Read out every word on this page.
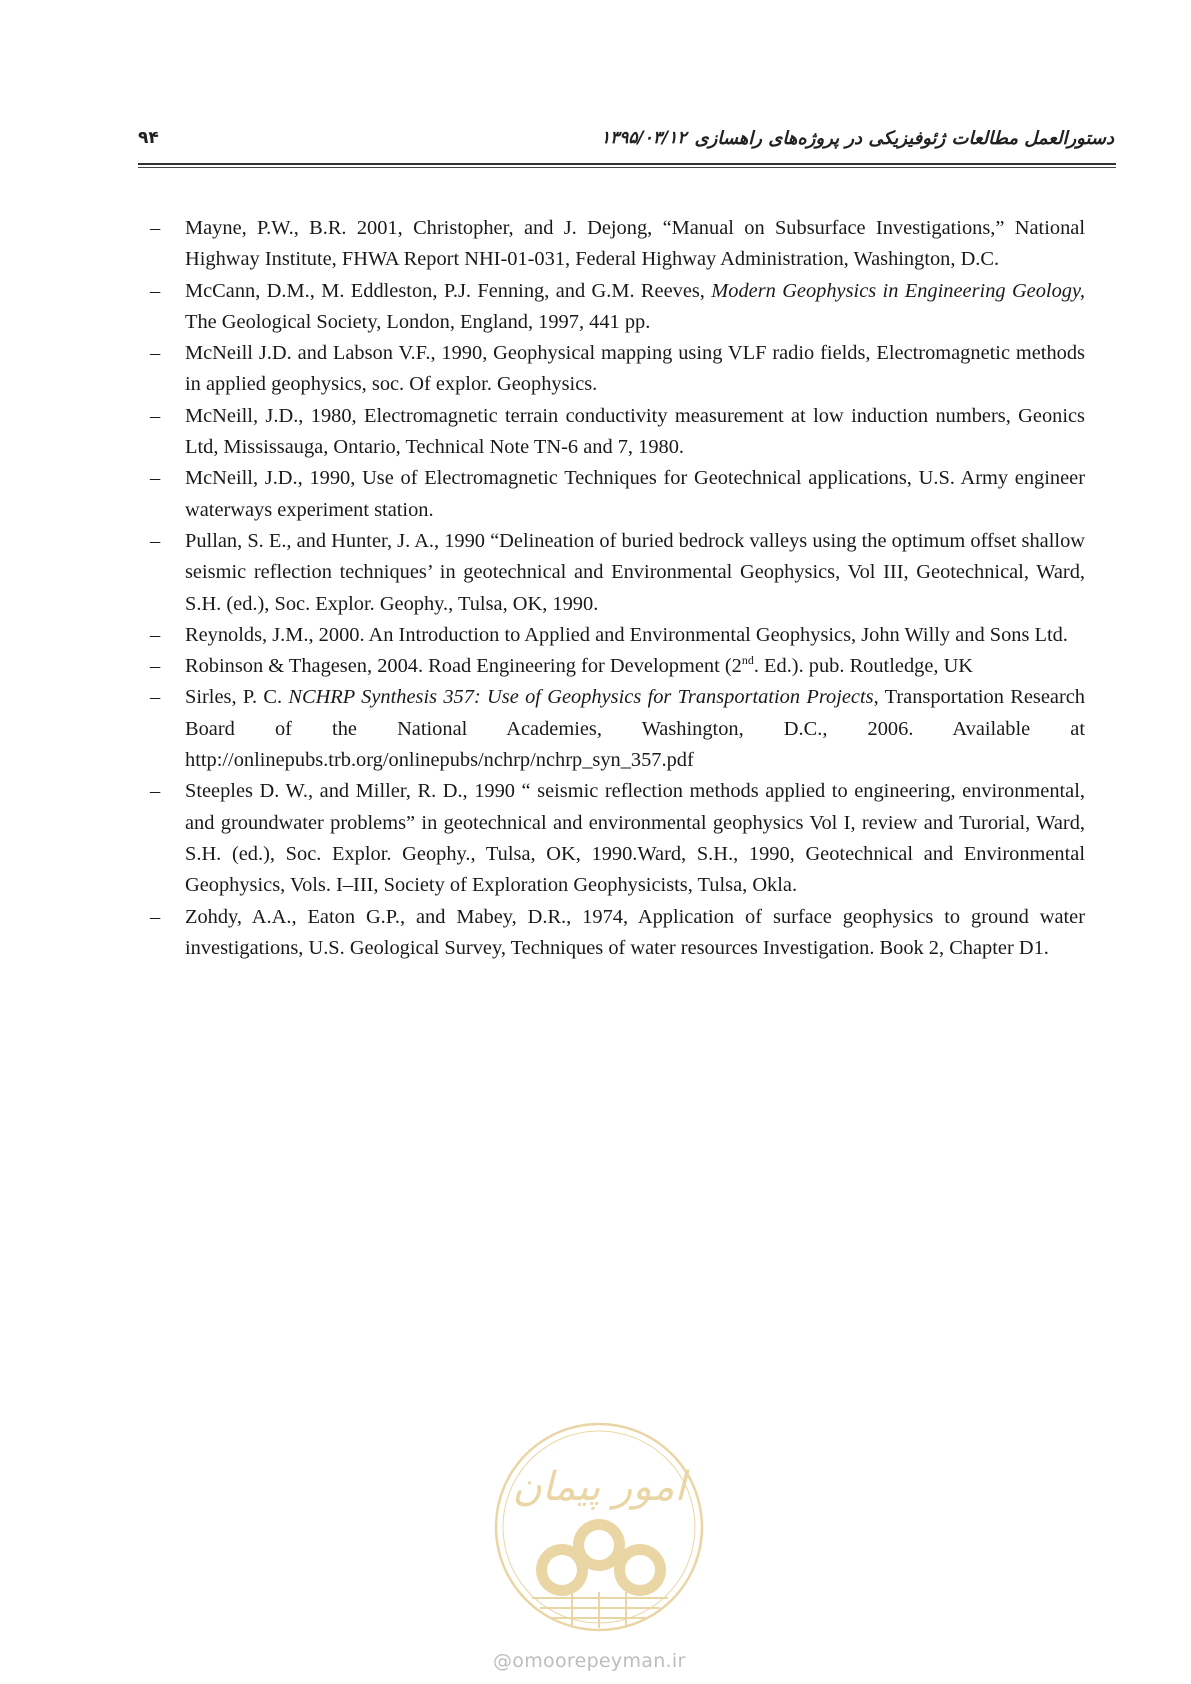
دستورالعمل مطالعات ژئوفیزیکی در پروژه‌های راهسازی
۱۳۹۵/۰۳/۱۲
۹۴
– Mayne, P.W., B.R. 2001, Christopher, and J. Dejong, “Manual on Subsurface Investigations,” National Highway Institute, FHWA Report NHI-01-031, Federal Highway Administration, Washington, D.C.
– McCann, D.M., M. Eddleston, P.J. Fenning, and G.M. Reeves, Modern Geophysics in Engineering Geology, The Geological Society, London, England, 1997, 441 pp.
– McNeill J.D. and Labson V.F., 1990, Geophysical mapping using VLF radio fields, Electromagnetic methods in applied geophysics, soc. Of explor. Geophysics.
– McNeill, J.D., 1980, Electromagnetic terrain conductivity measurement at low induction numbers, Geonics Ltd, Mississauga, Ontario, Technical Note TN-6 and 7, 1980.
– McNeill, J.D., 1990, Use of Electromagnetic Techniques for Geotechnical applications, U.S. Army engineer waterways experiment station.
– Pullan, S. E., and Hunter, J. A., 1990 “Delineation of buried bedrock valleys using the optimum offset shallow seismic reflection techniques’ in geotechnical and Environmental Geophysics, Vol III, Geotechnical, Ward, S.H. (ed.), Soc. Explor. Geophy., Tulsa, OK, 1990.
– Reynolds, J.M., 2000. An Introduction to Applied and Environmental Geophysics, John Willy and Sons Ltd.
– Robinson & Thagesen, 2004. Road Engineering for Development (2nd. Ed.). pub. Routledge, UK
– Sirles, P. C. NCHRP Synthesis 357: Use of Geophysics for Transportation Projects, Transportation Research Board of the National Academies, Washington, D.C., 2006. Available at http://onlinepubs.trb.org/onlinepubs/nchrp/nchrp_syn_357.pdf
– Steeples D. W., and Miller, R. D., 1990 “ seismic reflection methods applied to engineering, environmental, and groundwater problems” in geotechnical and environmental geophysics Vol I, review and Turorial, Ward, S.H. (ed.), Soc. Explor. Geophy., Tulsa, OK, 1990.Ward, S.H., 1990, Geotechnical and Environmental Geophysics, Vols. I–III, Society of Exploration Geophysicists, Tulsa, Okla.
– Zohdy, A.A., Eaton G.P., and Mabey, D.R., 1974, Application of surface geophysics to ground water investigations, U.S. Geological Survey, Techniques of water resources Investigation. Book 2, Chapter D1.
امور پیمان
@omoorepeyman.ir
